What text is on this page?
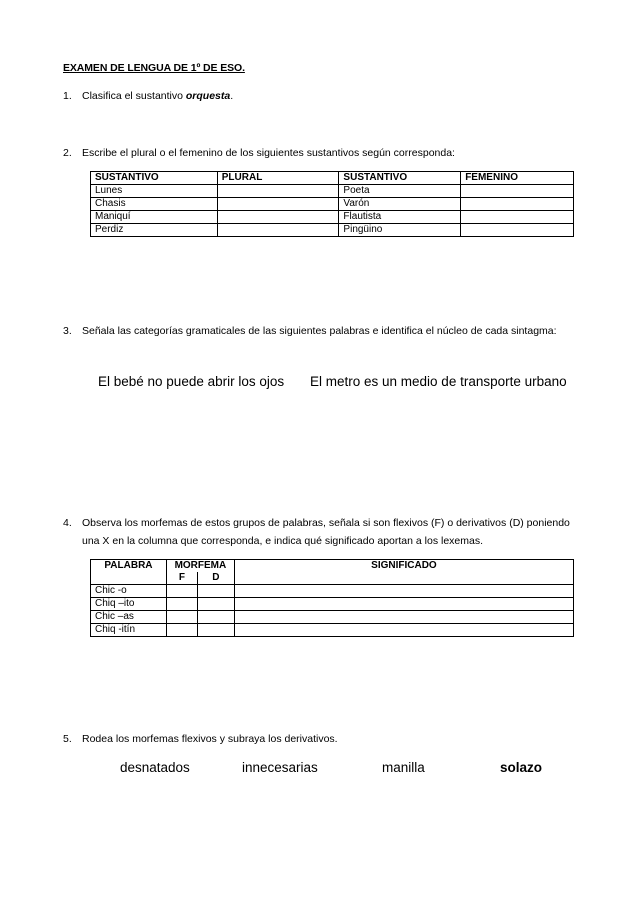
EXAMEN DE LENGUA DE 1º DE ESO.
1. Clasifica el sustantivo orquesta.
2. Escribe el plural o el femenino de los siguientes sustantivos según corresponda:
SUSTANTIVO	PLURAL	SUSTANTIVO	FEMENINO
Lunes		Poeta	
Chasis		Varón	
Maniquí		Flautista	
Perdiz		Pingüino	
3. Señala las categorías gramaticales de las siguientes palabras e identifica el núcleo de cada sintagma:
El bebé no puede abrir los ojos El metro es un medio de transporte urbano
4. Observa los morfemas de estos grupos de palabras, señala si son flexivos (F) o derivativos (D) poniendo
una X en la columna que corresponda, e indica qué significado aportan a los lexemas.
PALABRA	MORFEMA		SIGNIFICADO
	F	D	
Chic -o			
Chiq –ito			
Chic –as			
Chiq -itín			
5. Rodea los morfemas flexivos y subraya los derivativos.
desnatados	innecesarias	manilla	solazo
